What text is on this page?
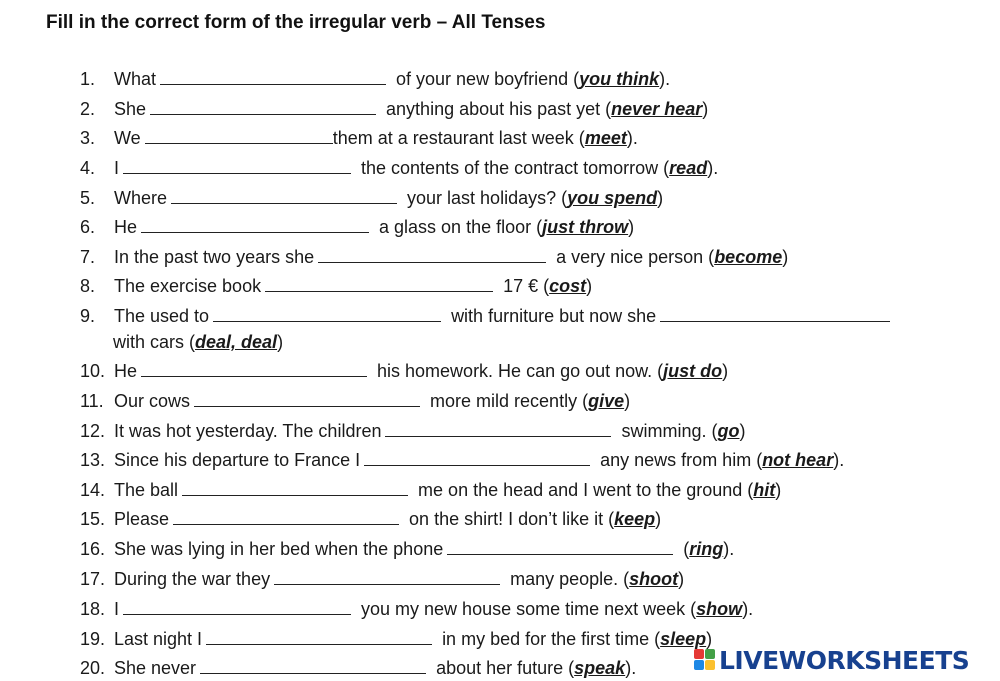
Fill in the correct form of the irregular verb – All Tenses
1. What	of your new boyfriend (you think).
2. She	anything about his past yet (never hear)
3. We	them at a restaurant last week (meet).
4. I	the contents of the contract tomorrow (read).
5. Where	your last holidays? (you spend)
6. He	a glass on the floor (just throw)
7. In the past two years she	a very nice person (become)
8. The exercise book	17 € (cost)
9. The used to	with furniture but now she
with cars (deal, deal)
10. He	his homework. He can go out now. (just do)
11. Our cows	more mild recently (give)
12. It was hot yesterday. The children	swimming. (go)
13. Since his departure to France I	any news from him (not hear).
14. The ball	me on the head and I went to the ground (hit)
15. Please	on the shirt! I don’t like it (keep)
16. She was lying in her bed when the phone	(ring).
17. During the war they	many people. (shoot)
18. I	you my new house some time next week (show).
19. Last night I	in my bed for the first time (sleep)
20. She never	about her future (speak).	LIVEWORKSHEETS
